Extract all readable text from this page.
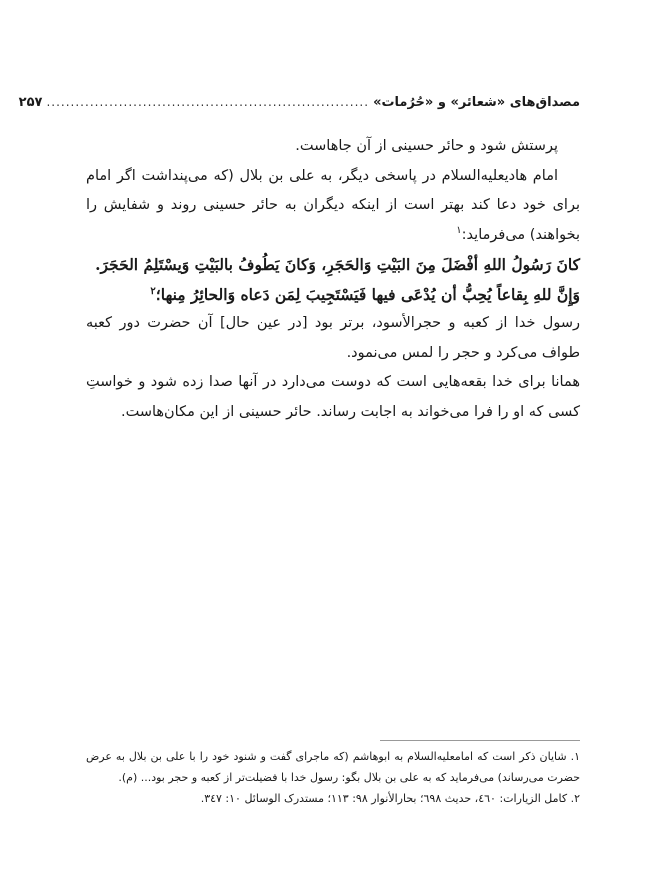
مصداق‌های «شعائر» و «حُرُمات»
...................................................................
۲۵۷

پرستش شود و حائر حسینی از آن جاهاست.

امام هادیعليه‌السلام در پاسخی دیگر، به علی بن بلال (که می‌پنداشت اگر امام برای خود دعا کند بهتر است از اینکه دیگران به حائر حسینی روند و شفایش را بخواهند) می‌فرماید:$^۱$

كانَ رَسُولُ اللهِ أفْضَلَ مِنَ البَيْتِ وَالحَجَرِ، وَكانَ يَطُوفُ بالبَيْتِ وَيسْتَلِمُ الحَجَرَ.

وَإِنَّ للهِ بِقاعاً يُحِبُّ أن يُدْعَى فيها فَيَسْتَجِيبَ لِمَن دَعاه وَالحائِرُ مِنها؛$^۲$

رسول خدا از کعبه و حجرالأسود، برتر بود [در عین حال] آن حضرت دور کعبه طواف می‌کرد و حجر را لمس می‌نمود.

همانا برای خدا بقعه‌هایی است که دوست می‌دارد در آنها صدا زده شود و خواستِ کسی که او را فرا می‌خواند به اجابت رساند. حائر حسینی از این مکان‌هاست.

۱. شایان ذکر است که امامعليه‌السلام به ابوهاشم (که ماجرای گفت و شنود خود را با علی بن بلال به عرض حضرت می‌رساند) می‌فرماید که به علی بن بلال بگو: رسول خدا با فضیلت‌تر از کعبه و حجر بود... (م).

۲. کامل الزیارات: ٤٦٠، حدیث ٦٩٨؛ بحارالأنوار ٩٨: ١١٣؛ مستدرک الوسائل ١٠: ٣٤٧.
